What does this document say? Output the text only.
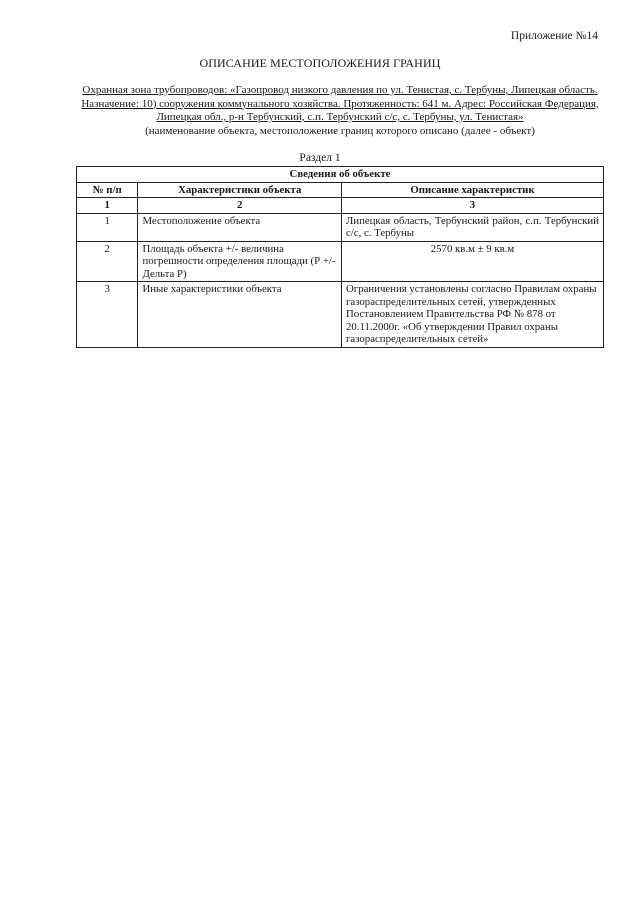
Приложение №14
ОПИСАНИЕ МЕСТОПОЛОЖЕНИЯ ГРАНИЦ
Охранная зона трубопроводов: «Газопровод низкого давления по ул. Тенистая, с. Тербуны, Липецкая область. Назначение: 10) сооружения коммунального хозяйства. Протяженность: 641 м. Адрес: Российская Федерация, Липецкая обл., р-н Тербунский, с.п. Тербунский с/с, с. Тербуны, ул. Тенистая»
(наименование объекта, местоположение границ которого описано (далее - объект)
Раздел 1
Сведения об объекте		
№ п/п	Характеристики объекта	Описание характеристик
1	2	3
1	Местоположение объекта	Липецкая область, Тербунский район, с.п. Тербунский с/с, с. Тербуны
2	Площадь объекта +/- величина погрешности определения площади (Р +/- Дельта Р)	2570 кв.м ± 9 кв.м
3	Иные характеристики объекта	Ограничения установлены согласно Правилам охраны газораспределительных сетей, утвержденных Постановлением Правительства РФ № 878 от 20.11.2000г. «Об утверждении Правил охраны газораспределительных сетей»
